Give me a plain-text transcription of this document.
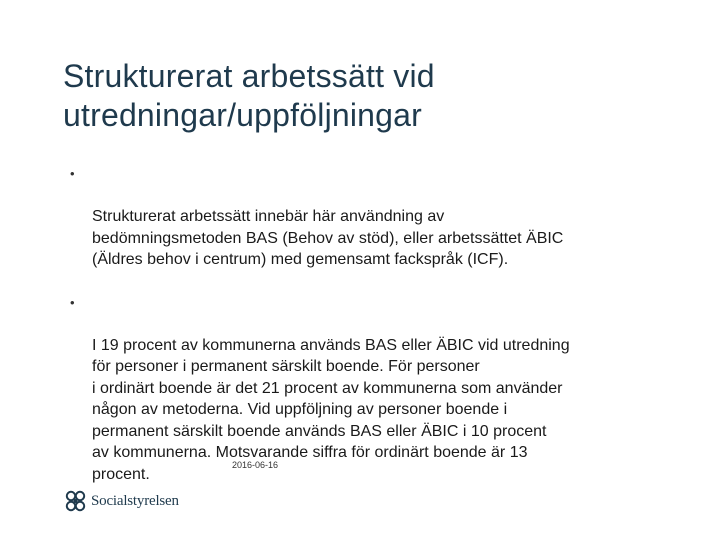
Strukturerat arbetssätt vid
utredningar/uppföljningar

•

Strukturerat arbetssätt innebär här användning av
bedömningsmetoden BAS (Behov av stöd), eller arbetssättet ÄBIC
(Äldres behov i centrum) med gemensamt fackspråk (ICF).

•

I 19 procent av kommunerna används BAS eller ÄBIC vid utredning
för personer i permanent särskilt boende. För personer
i ordinärt boende är det 21 procent av kommunerna som använder
någon av metoderna. Vid uppföljning av personer boende i
permanent särskilt boende används BAS eller ÄBIC i 10 procent
av kommunerna. Motsvarande siffra för ordinärt boende är 13
procent.

2016-06-16
Socialstyrelsen
